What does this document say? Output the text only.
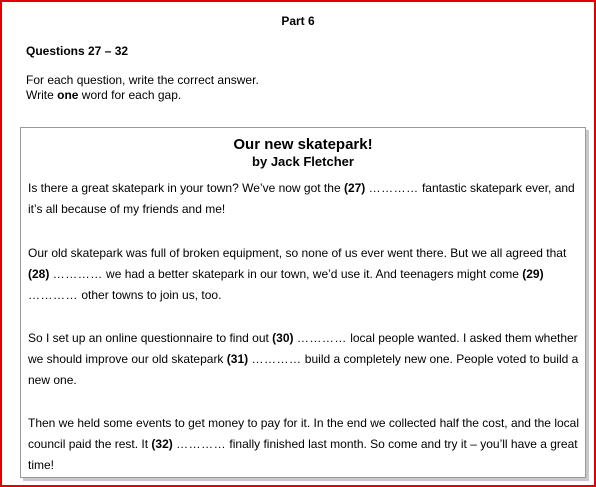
Part 6
Questions 27 – 32
For each question, write the correct answer.
Write one word for each gap.
Our new skatepark!
by Jack Fletcher
Is there a great skatepark in your town? We’ve now got the (27) ………… fantastic skatepark ever, and it’s all because of my friends and me!
Our old skatepark was full of broken equipment, so none of us ever went there. But we all agreed that (28) ………… we had a better skatepark in our town, we’d use it. And teenagers might come (29) ………… other towns to join us, too.
So I set up an online questionnaire to find out (30) ………… local people wanted. I asked them whether we should improve our old skatepark (31) ………… build a completely new one. People voted to build a new one.
Then we held some events to get money to pay for it. In the end we collected half the cost, and the local council paid the rest. It (32) ………… finally finished last month. So come and try it – you’ll have a great time!
